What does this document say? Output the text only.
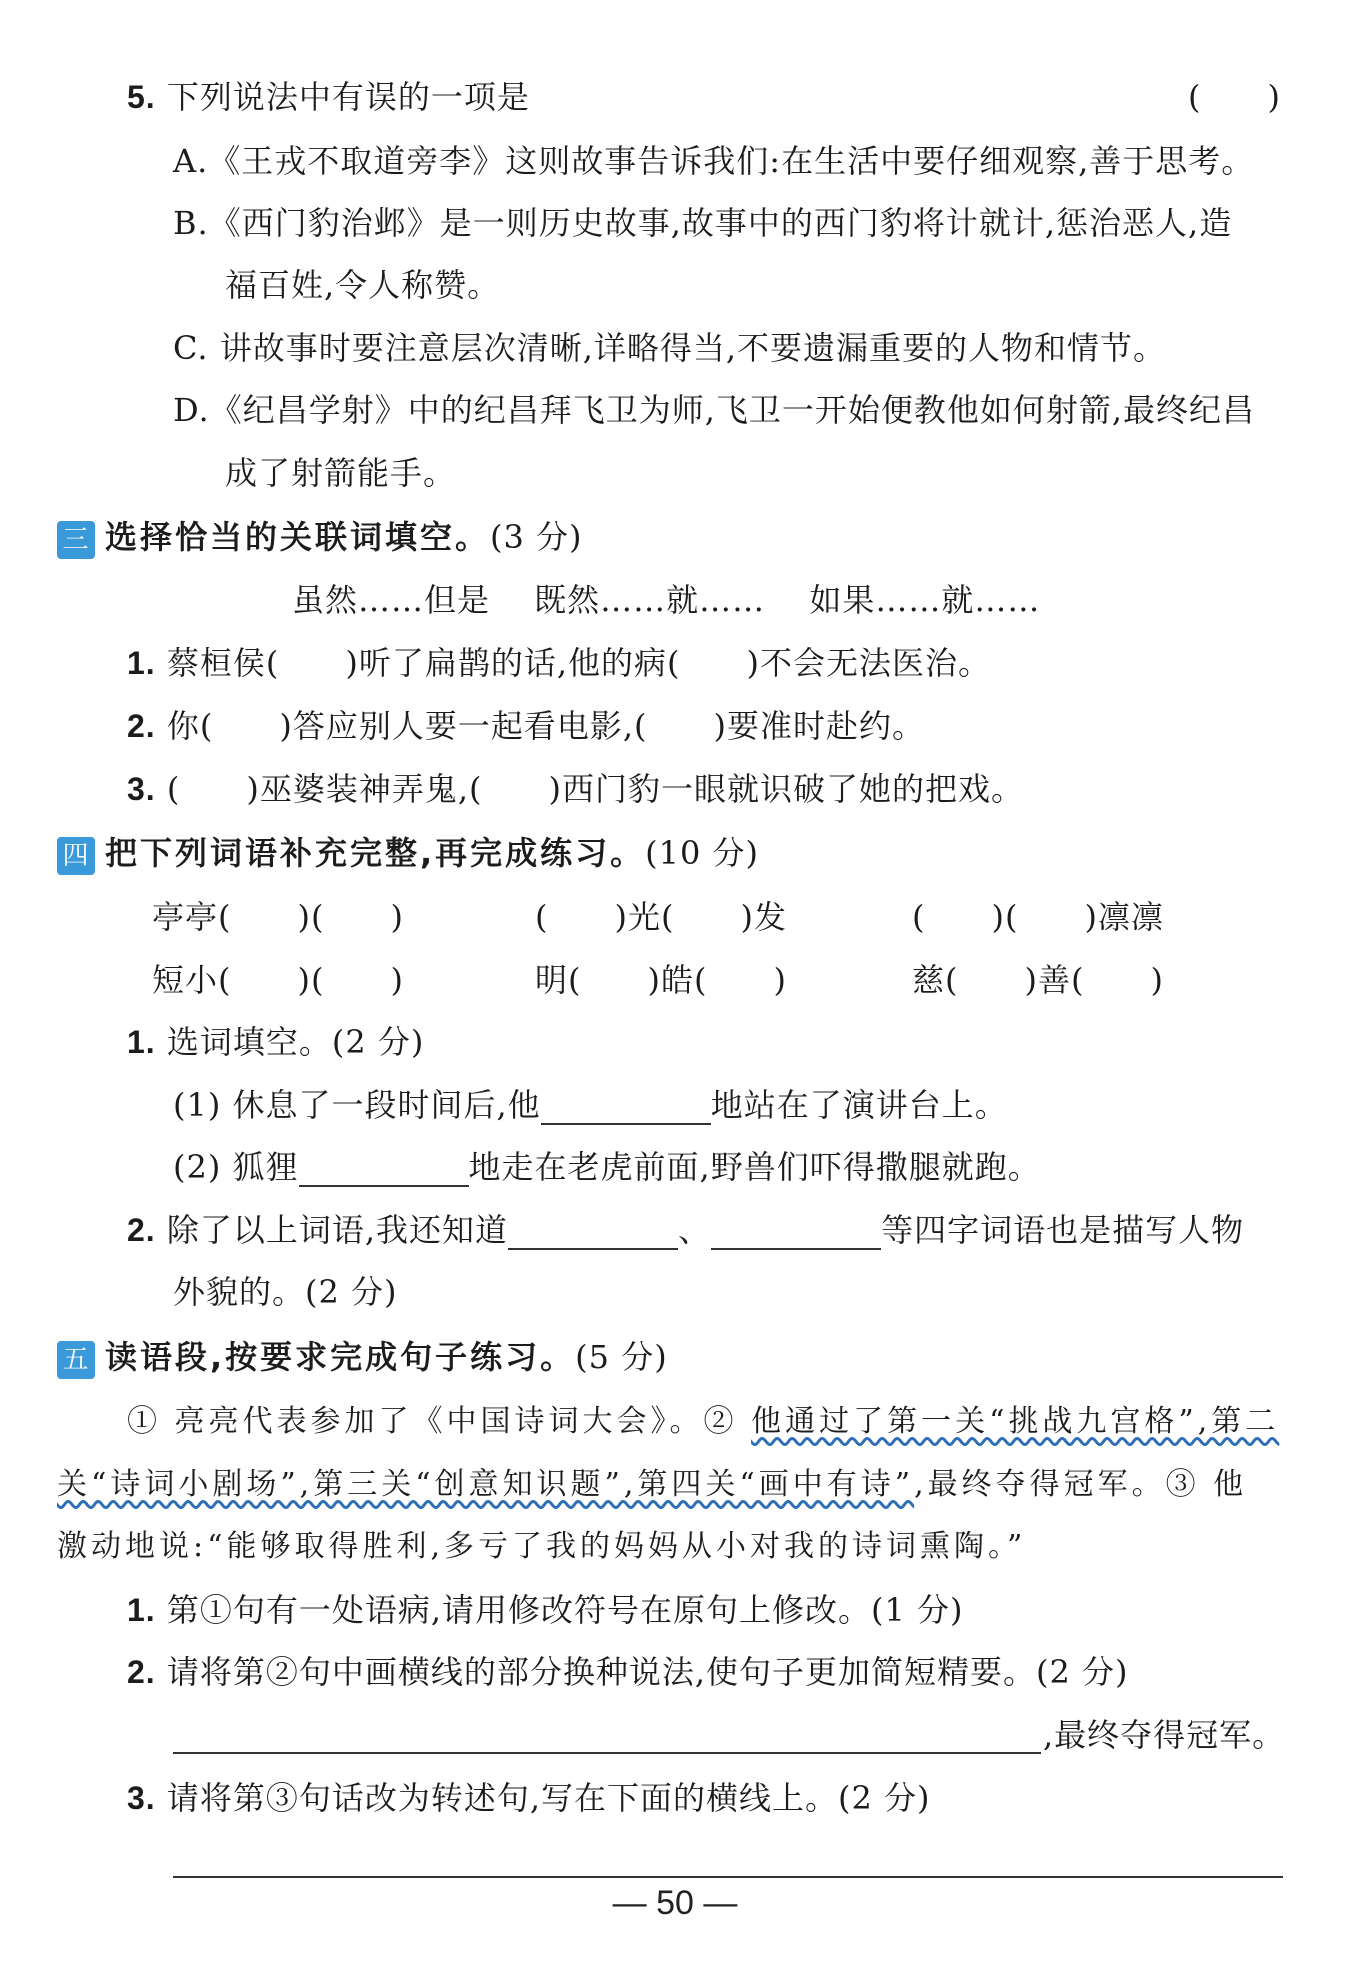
5. 下列说法中有误的一项是	(　　)
A.《王戎不取道旁李》这则故事告诉我们:在生活中要仔细观察,善于思考。
B.《西门豹治邺》是一则历史故事,故事中的西门豹将计就计,惩治恶人,造
福百姓,令人称赞。
C. 讲故事时要注意层次清晰,详略得当,不要遗漏重要的人物和情节。
D.《纪昌学射》中的纪昌拜飞卫为师,飞卫一开始便教他如何射箭,最终纪昌
成了射箭能手。
三 选择恰当的关联词填空。(3 分)
虽然……但是　 既然……就……　 如果……就……
1. 蔡桓侯(　　)听了扁鹊的话,他的病(　　)不会无法医治。
2. 你(　　)答应别人要一起看电影,(　　)要准时赴约。
3. (　　)巫婆装神弄鬼,(　　)西门豹一眼就识破了她的把戏。
四 把下列词语补充完整,再完成练习。(10 分)
亭亭(　　)(　　)	(　　)光(　　)发	(　　)(　　)凛凛
短小(　　)(　　)	明(　　)皓(　　)	慈(　　)善(　　)
1. 选词填空。(2 分)
(1) 休息了一段时间后,他	地站在了演讲台上。
(2) 狐狸	地走在老虎前面,野兽们吓得撒腿就跑。
2. 除了以上词语,我还知道	、	等四字词语也是描写人物
外貌的。(2 分)
五 读语段,按要求完成句子练习。(5 分)
① 亮亮代表参加了《中国诗词大会》。② 他通过了第一关“挑战九宫格”,第二
关“诗词小剧场”,第三关“创意知识题”,第四关“画中有诗”,最终夺得冠军。③ 他
激动地说:“能够取得胜利,多亏了我的妈妈从小对我的诗词熏陶。”
1. 第①句有一处语病,请用修改符号在原句上修改。(1 分)
2. 请将第②句中画横线的部分换种说法,使句子更加简短精要。(2 分)
,最终夺得冠军。
3. 请将第③句话改为转述句,写在下面的横线上。(2 分)
— 50 —
